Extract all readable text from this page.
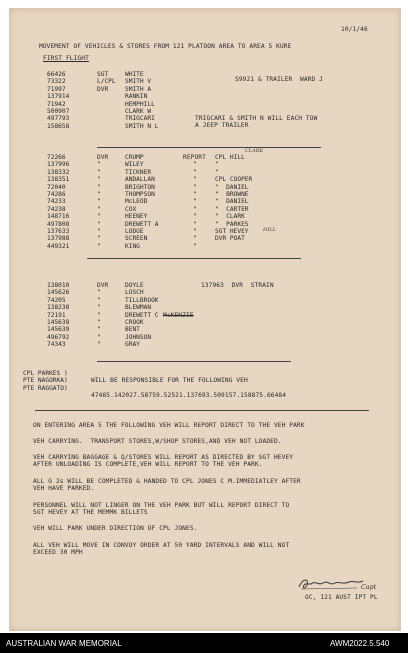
10/1/46
MOVEMENT OF VEHICLES & STORES FROM 121 PLATOON AREA TO AREA 5 KURE
FIRST FLIGHT
66426
73322
71997
137914
71942
500907
497793
158658
SGT
L/CPL
DVR
WHITE
SMITH V
SMITH A
RANKIN
HEMPHILL
CLARK W
TRIGCARI
SMITH N L
59921 & TRAILER  WARD J
TRIGCARI & SMITH N WILL EACH TOW
A JEEP TRAILER
72266
137996
138332
138351
72040
74286
74233
74238
148716
497808
137633
137988
449321
DVR
"
"
"
"
"
"
"
"
"
"
"
"
CRUMP
WILEY
TICKNER
ANDALLAN
BRIGHTON
THOMPSON
McLEOD
COX
HEENEY
DREWETT A
LODGE
SCREEN
KING
REPORT
"
"
"
"
"
"
"
"
"
"
"
"
CPL HILL
"
"
CPL COOPER
"  DANIEL
"  BROWNE
"  DANIEL
"  CARTER
"  CLARK
"  PARKES
SGT HEVEY
DVR POAT
CLARK
HILL
138010
145626
74205
138238
72191
145638
145639
496792
74343
DVR
"
"
"
"
"
"
"
"
DOYLE
LOSCH
TILLBROOK
BLEWMAN
DREWETT C
CROOK
BENT
JOHNSON
GRAY
McKENZIE
137963  DVR  STRAIN
CPL PARKES )
PTE NAGORKA)
PTE RAGGATO)
WILL BE RESPONSIBLE FOR THE FOLLOWING VEH
47485.142027.58759.52521.137693.509157.158875.66484
ON ENTERING AREA 5 THE FOLLOWING VEH WILL REPORT DIRECT TO THE VEH PARK
VEH CARRYING.  TRANSPORT STORES,W/SHOP STORES,AND VEH NOT LOADED.
VEH CARRYING BAGGAGE & Q/STORES WILL REPORT AS DIRECTED BY SGT HEVEY
AFTER UNLOADING IS COMPLETE,VEH WILL REPORT TO THE VEH PARK.
ALL G 2s WILL BE COMPLETED & HANDED TO CPL JONES C M.IMMEDIATLEY AFTER
VEH HAVE PARKED.
PERSONNEL WILL NOT LINGER ON THE VEH PARK BUT WILL REPORT DIRECT TO
SGT HEVEY AT THE MEMMK BILLETS
VEH WILL PARK UNDER DIRECTION OF CPL JONES.
ALL VEH WILL MOVE IN CONVOY ORDER AT 50 YARD INTERVALS AND WILL NOT
EXCEED 30 MPH
Capt
OC, 121 AUST IPT PL
AUSTRALIAN WAR MEMORIAL	AWM2022.5.540
